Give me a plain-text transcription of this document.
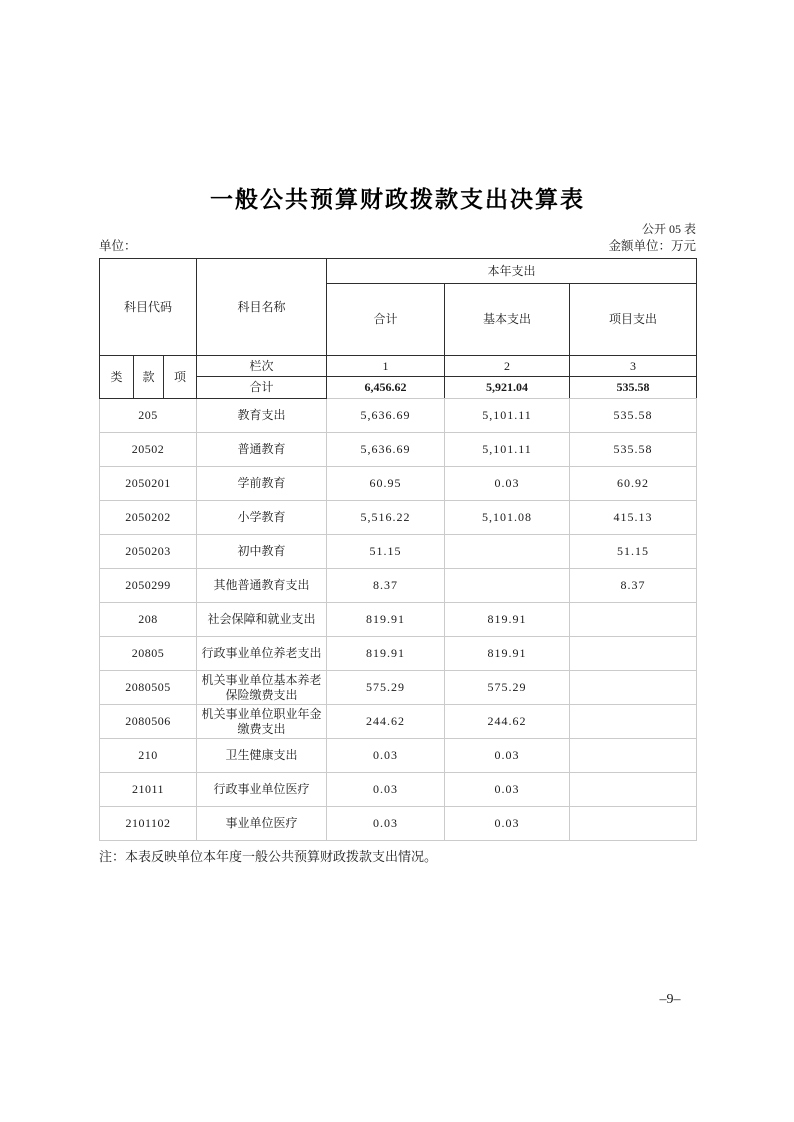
一般公共预算财政拨款支出决算表
公开 05 表
单位：	金额单位：万元
科目代码			科目名称	本年支出		
				合计	基本支出	项目支出
类	款	项	栏次	1	2	3
			合计	6,456.62	5,921.04	535.58
205			教育支出	5,636.69	5,101.11	535.58
20502			普通教育	5,636.69	5,101.11	535.58
2050201			学前教育	60.95	0.03	60.92
2050202			小学教育	5,516.22	5,101.08	415.13
2050203			初中教育	51.15		51.15
2050299			其他普通教育支出	8.37		8.37
208			社会保障和就业支出	819.91	819.91	
20805			行政事业单位养老支出	819.91	819.91	
2080505			机关事业单位基本养老保险缴费支出	575.29	575.29	
2080506			机关事业单位职业年金缴费支出	244.62	244.62	
210			卫生健康支出	0.03	0.03	
21011			行政事业单位医疗	0.03	0.03	
2101102			事业单位医疗	0.03	0.03	
注：本表反映单位本年度一般公共预算财政拨款支出情况。
–9–
